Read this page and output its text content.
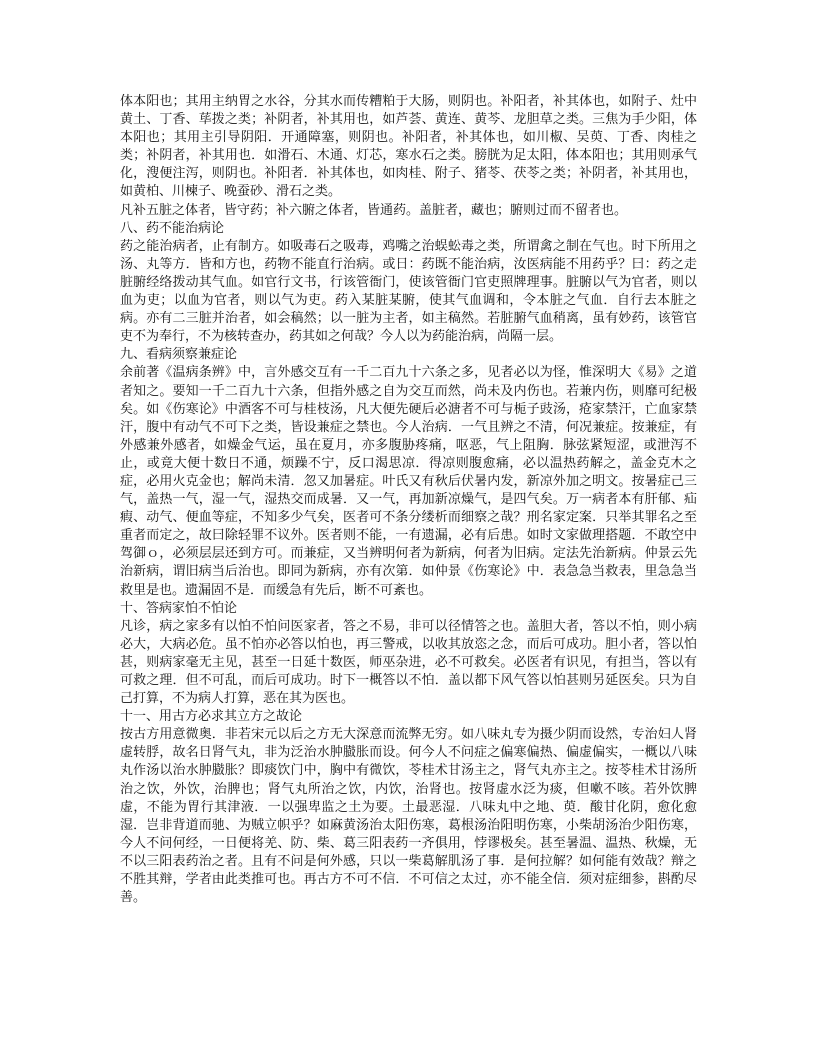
体本阳也；其用主纳胃之水谷，分其水而传糟粕于大肠，则阴也。补阳者，补其体也，如附子、灶中黄土、丁香、荜拨之类；补阴者，补其用也，如芦荟、黄连、黄芩、龙胆草之类。三焦为手少阳，体本阳也；其用主引导阴阳．开通障塞，则阴也。补阳者，补其体也，如川椒、吴萸、丁香、肉桂之类；补阴者，补其用也．如滑石、木通、灯芯，寒水石之类。膀胱为足太阳，体本阳也；其用则承气化，溲便注泻，则阴也。补阳者．补其体也，如肉桂、附子、猪苓、茯苓之类；补阴者，补其用也，如黄柏、川楝子、晚蚕砂、滑石之类。

凡补五脏之体者，皆守药；补六腑之体者，皆通药。盖脏者，藏也；腑则过而不留者也。

八、药不能治病论

药之能治病者，止有制方。如吸毒石之吸毒，鸡嘴之治蜈蚣毒之类，所谓禽之制在气也。时下所用之汤、丸等方．皆和方也，药物不能直行治病。或日：药既不能治病，汝医病能不用药乎？曰：药之走脏腑经络拨动其气血。如官行文书，行该管衙门，使该管衙门官吏照牌理事。脏腑以气为官者，则以血为吏；以血为官者，则以气为吏。药入某脏某腑，使其气血调和，令本脏之气血．自行去本脏之病。亦有二三脏并治者，如会稿然；以一脏为主者，如主稿然。若脏腑气血稍离，虽有妙药，该管官吏不为奉行，不为核转查办，药其如之何哉？今人以为药能治病，尚隔一层。

九、看病须察兼症论

余前著《温病条辨》中，言外感交互有一千二百九十六条之多，见者必以为怪，惟深明大《易》之道者知之。要知一千二百九十六条，但指外感之自为交互而然，尚未及内伤也。若兼内伤，则靡可纪极矣。如《伤寒论》中酒客不可与桂枝汤，凡大便先硬后必溏者不可与栀子豉汤，疮家禁汗，亡血家禁汗，腹中有动气不可下之类，皆设兼症之禁也。今人治病．一气且辨之不清，何况兼症。按兼症，有外感兼外感者，如燥金气运，虽在夏月，亦多腹胁疼痛，呕恶，气上阻胸．脉弦紧短涩，或泄泻不止，或竟大便十数日不通，烦躁不宁，反口渴思凉．得凉则腹愈痛，必以温热药解之，盖金克木之症，必用火克金也；解尚未清．忽又加暑症。叶氏又有秋后伏暑内发，新凉外加之明文。按暑症己三气，盖热一气，湿一气，湿热交而成暑．又一气，再加新凉燥气，是四气矣。万一病者本有肝郁、疝瘕、动气、便血等症，不知多少气矣，医者可不条分缕析而细察之哉？刑名家定案．只举其罪名之至重者而定之，故曰除轻罪不议外。医者则不能，一有遗漏，必有后患。如时文家做理搭题．不敢空中驾御ｏ，必须层层还到方可。而兼症，又当辨明何者为新病，何者为旧病。定法先治新病。仲景云先治新病，谓旧病当后治也。即同为新病，亦有次第．如仲景《伤寒论》中．表急急当救表，里急急当救里是也。遗漏固不是．而缓急有先后，断不可紊也。

十、答病家怕不怕论

凡诊，病之家多有以怕不怕问医家者，答之不易，非可以径情答之也。盖胆大者，答以不怕，则小病必大，大病必危。虽不怕亦必答以怕也，再三警戒，以收其放恣之念，而后可成功。胆小者，答以怕甚，则病家毫无主见，甚至一日延十数医，师巫杂进，必不可救矣。必医者有识见，有担当，答以有可救之理．但不可乱，而后可成功。时下一概答以不怕．盖以都下风气答以怕甚则另延医矣。只为自己打算，不为病人打算，恶在其为医也。

十一、用古方必求其立方之故论

按古方用意微奥．非若宋元以后之方无大深意而流弊无穷。如八味丸专为摄少阴而设然，专治妇人肾虚转脬，故名日肾气丸，非为泛治水肿臌胀而设。何今人不问症之偏寒偏热、偏虚偏实，一概以八味丸作汤以治水肿臌胀？即痰饮门中，胸中有微饮，苓桂术甘汤主之，肾气丸亦主之。按苓桂术甘汤所治之饮，外饮，治脾也；肾气丸所治之饮，内饮，治肾也。按肾虚水泛为痰，但嗽不咳。若外饮脾虚，不能为胃行其津液．一以强卑监之土为要。土最恶湿．八味丸中之地、萸．酸甘化阴，愈化愈湿．岂非背道而驰、为贼立帜乎？如麻黄汤治太阳伤寒，葛根汤治阳明伤寒，小柴胡汤治少阳伤寒，今人不问何经，一日便将羌、防、柴、葛三阳表药一齐俱用，悖谬极矣。甚至暑温、温热、秋燥，无不以三阳表药治之者。且有不问是何外感，只以一柴葛解肌汤了事．是何拉解？如何能有效哉？辩之不胜其辩，学者由此类推可也。再古方不可不信．不可信之太过，亦不能全信．须对症细参，斟酌尽善。
